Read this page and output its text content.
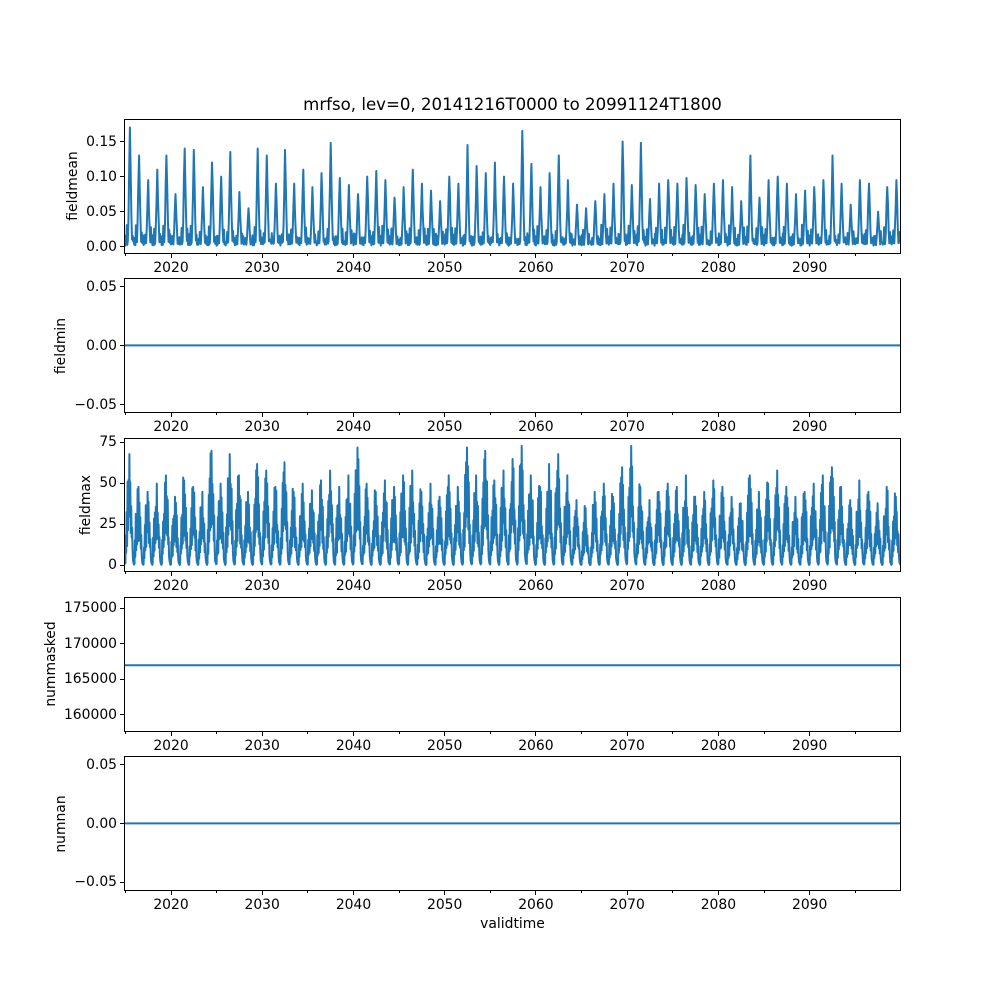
mrfso, lev=0, 20141216T0000 to 20991124T1800
fieldmean
fieldmin
fieldmax
nummasked
numnan
validtime
2020	2030	2040	2050	2060	2070	2080	2090
0.00
0.05
0.10
0.15
2020	2030	2040	2050	2060	2070	2080	2090
−0.05
0.00
0.05
2020	2030	2040	2050	2060	2070	2080	2090
0
25
50
75
2020	2030	2040	2050	2060	2070	2080	2090
160000
165000
170000
175000
2020	2030	2040	2050	2060	2070	2080	2090
−0.05
0.00
0.05
